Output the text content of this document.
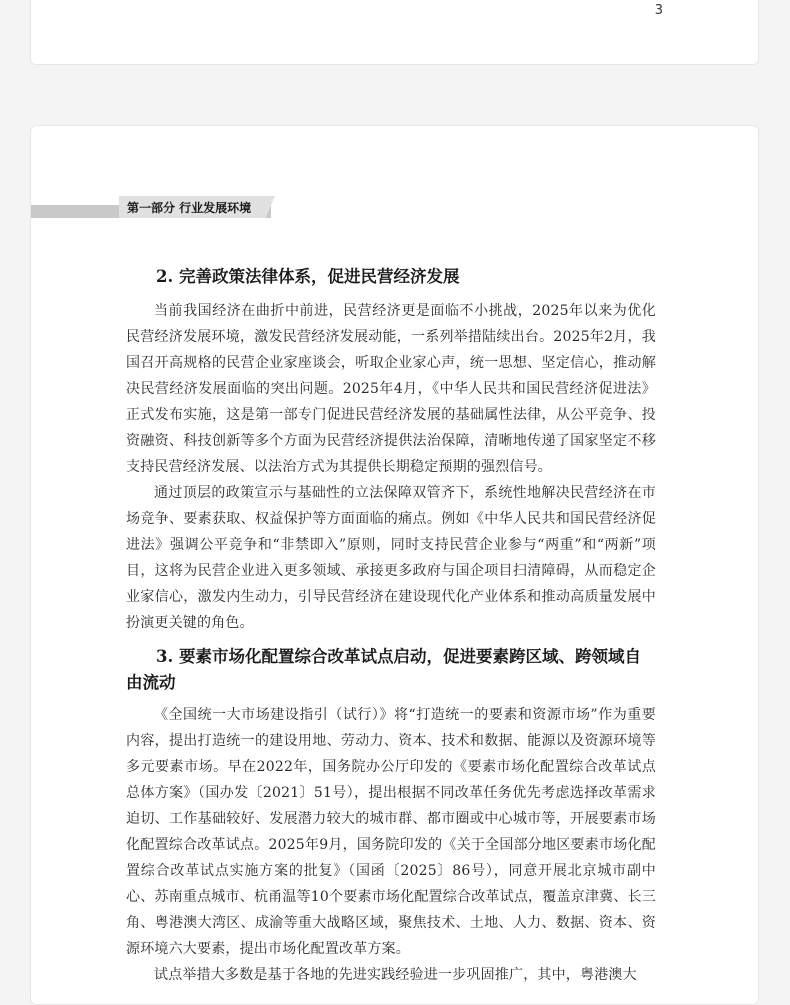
3
第一部分 行业发展环境
2. 完善政策法律体系，促进民营经济发展

当前我国经济在曲折中前进，民营经济更是面临不小挑战，2025年以来为优化民营经济发展环境，激发民营经济发展动能，一系列举措陆续出台。2025年2月，我国召开高规格的民营企业家座谈会，听取企业家心声，统一思想、坚定信心，推动解决民营经济发展面临的突出问题。2025年4月，《中华人民共和国民营经济促进法》正式发布实施，这是第一部专门促进民营经济发展的基础属性法律，从公平竞争、投资融资、科技创新等多个方面为民营经济提供法治保障，清晰地传递了国家坚定不移支持民营经济发展、以法治方式为其提供长期稳定预期的强烈信号。

通过顶层的政策宣示与基础性的立法保障双管齐下，系统性地解决民营经济在市场竞争、要素获取、权益保护等方面面临的痛点。例如《中华人民共和国民营经济促进法》强调公平竞争和“非禁即入”原则，同时支持民营企业参与“两重”和“两新”项目，这将为民营企业进入更多领域、承接更多政府与国企项目扫清障碍，从而稳定企业家信心，激发内生动力，引导民营经济在建设现代化产业体系和推动高质量发展中扮演更关键的角色。

3. 要素市场化配置综合改革试点启动，促进要素跨区域、跨领域自
由流动

《全国统一大市场建设指引（试行）》将“打造统一的要素和资源市场”作为重要内容，提出打造统一的建设用地、劳动力、资本、技术和数据、能源以及资源环境等多元要素市场。早在2022年，国务院办公厅印发的《要素市场化配置综合改革试点总体方案》（国办发〔2021〕51号），提出根据不同改革任务优先考虑选择改革需求迫切、工作基础较好、发展潜力较大的城市群、都市圈或中心城市等，开展要素市场化配置综合改革试点。2025年9月，国务院印发的《关于全国部分地区要素市场化配置综合改革试点实施方案的批复》（国函〔2025〕86号），同意开展北京城市副中心、苏南重点城市、杭甬温等10个要素市场化配置综合改革试点，覆盖京津冀、长三角、粤港澳大湾区、成渝等重大战略区域，聚焦技术、土地、人力、数据、资本、资源环境六大要素，提出市场化配置改革方案。

试点举措大多数是基于各地的先进实践经验进一步巩固推广，其中，粤港澳大
